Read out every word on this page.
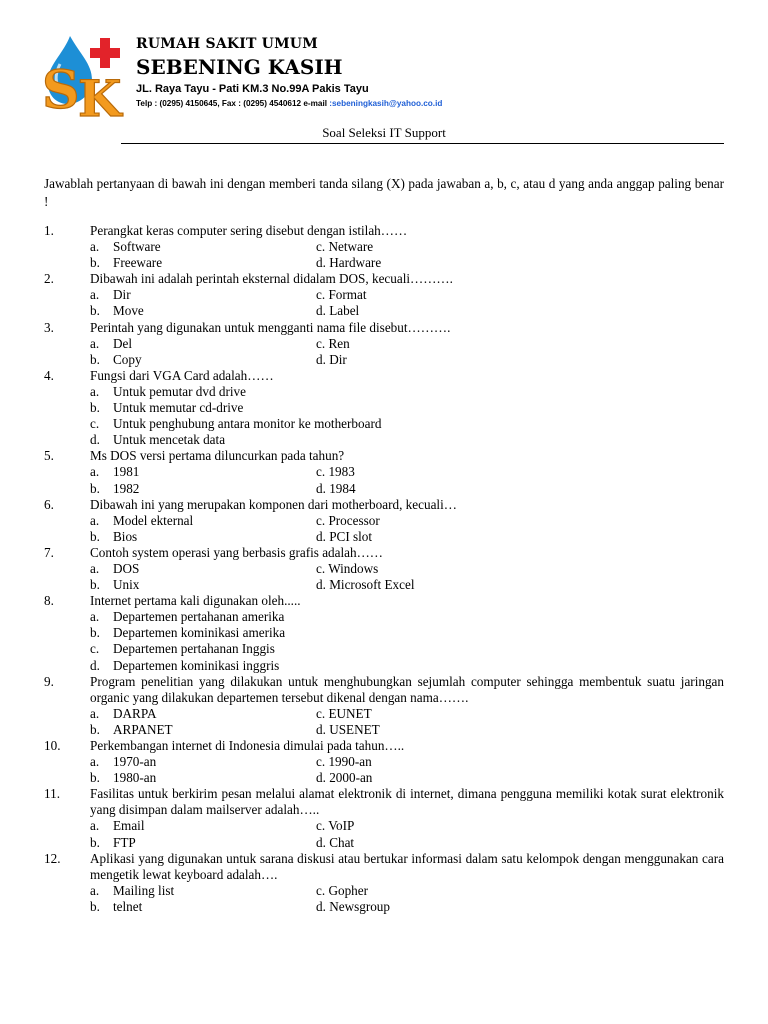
S
K
RUMAH SAKIT UMUM
SEBENING KASIH
JL. Raya Tayu - Pati KM.3 No.99A Pakis Tayu
Telp : (0295) 4150645, Fax : (0295) 4540612 e-mail :sebeningkasih@yahoo.co.id
Soal Seleksi IT Support
Jawablah pertanyaan di bawah ini dengan memberi tanda silang (X) pada jawaban a, b, c, atau d yang anda anggap paling benar !
1.	Perangkat keras computer sering disebut dengan istilah……
a.	Software	c. Netware
b. Freeware	d. Hardware
2.	Dibawah ini adalah perintah eksternal didalam DOS, kecuali……….
a.	Dir	c. Format
b. Move	d. Label
3.	Perintah yang digunakan untuk mengganti nama file disebut……….
a.	Del	c. Ren
b. Copy	d. Dir
4.	Fungsi dari VGA Card adalah……
a.	Untuk pemutar dvd drive
b. Untuk memutar cd-drive
c.	Untuk penghubung antara monitor ke motherboard
d. Untuk mencetak data
5.	Ms DOS versi pertama diluncurkan pada tahun?
a.	1981	c. 1983
b. 1982	d. 1984
6.	Dibawah ini yang merupakan komponen dari motherboard, kecuali…
a.	Model ekternal	c. Processor
b. Bios	d. PCI slot
7.	Contoh system operasi yang berbasis grafis adalah……
a.	DOS	c. Windows
b. Unix	d. Microsoft Excel
8.	Internet pertama kali digunakan oleh.....
a.	Departemen pertahanan amerika
b. Departemen kominikasi amerika
c.	Departemen pertahanan Inggis
d. Departemen kominikasi inggris
9.	Program penelitian yang dilakukan untuk menghubungkan sejumlah computer sehingga membentuk suatu jaringan organic yang dilakukan departemen tersebut dikenal dengan nama…….
a.	DARPA	c. EUNET
b. ARPANET	d. USENET
10.	Perkembangan internet di Indonesia dimulai pada tahun…..
a.	1970-an	c. 1990-an
b. 1980-an	d. 2000-an
11.	Fasilitas untuk berkirim pesan melalui alamat elektronik di internet, dimana pengguna memiliki kotak surat elektronik yang disimpan dalam mailserver adalah…..
a.	Email	c. VoIP
b. FTP	d. Chat
12.	Aplikasi yang digunakan untuk sarana diskusi atau bertukar informasi dalam satu kelompok dengan menggunakan cara mengetik lewat keyboard adalah….
a.	Mailing list	c. Gopher
b. telnet	d. Newsgroup
